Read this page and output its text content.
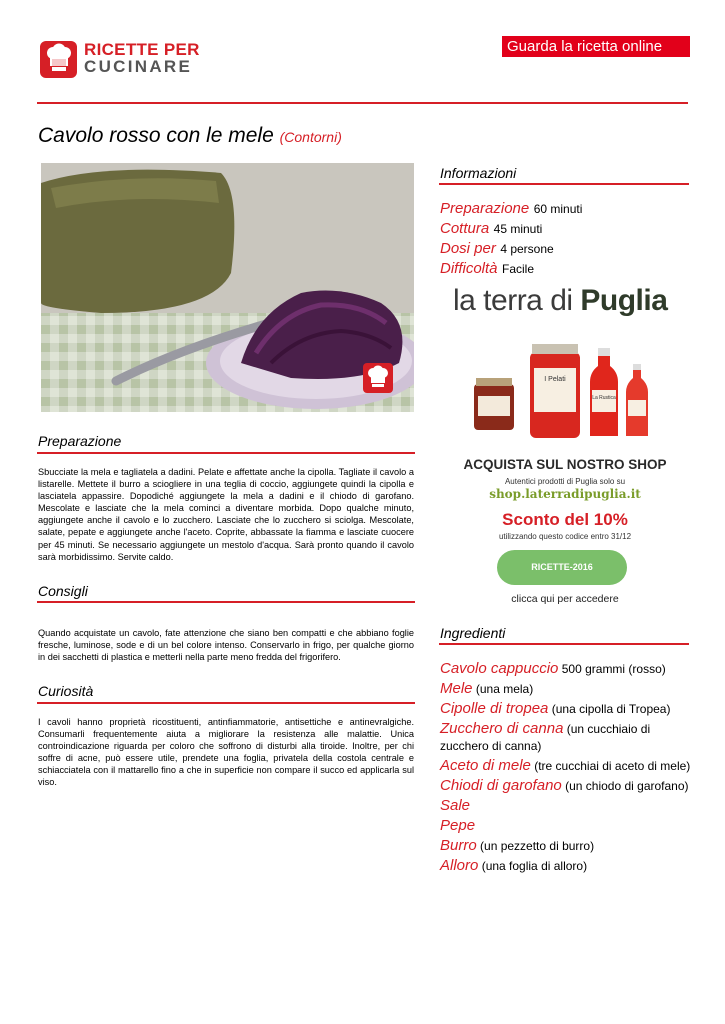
RICETTE PER
CUCINARE
Guarda la ricetta online
Cavolo rosso con le mele (Contorni)
Preparazione
Sbucciate la mela e tagliatela a dadini. Pelate e affettate anche la cipolla. Tagliate il cavolo a listarelle. Mettete il burro a sciogliere in una teglia di coccio, aggiungete quindi la cipolla e lasciatela appassire. Dopodiché aggiungete la mela a dadini e il chiodo di garofano. Mescolate e lasciate che la mela cominci a diventare morbida. Dopo qualche minuto, aggiungete anche il cavolo e lo zucchero. Lasciate che lo zucchero si sciolga. Mescolate, salate, pepate e aggiungete anche l'aceto. Coprite, abbassate la fiamma e lasciate cuocere per 45 minuti. Se necessario aggiungete un mestolo d'acqua. Sarà pronto quando il cavolo sarà morbidissimo. Servite caldo.
Consigli
Quando acquistate un cavolo, fate attenzione che siano ben compatti e che abbiano foglie fresche, luminose, sode e di un bel colore intenso. Conservarlo in frigo, per qualche giorno in dei sacchetti di plastica e metterli nella parte meno fredda del frigorifero.
Curiosità
I cavoli hanno proprietà ricostituenti, antinfiammatorie, antisettiche e antinevralgiche. Consumarli frequentemente aiuta a migliorare la resistenza alle malattie. Unica controindicazione riguarda per coloro che soffrono di disturbi alla tiroide. Inoltre, per chi soffre di acne, può essere utile, prendete una foglia, privatela della costola centrale e schiacciatela con il mattarello fino a che in superficie non compare il succo ed applicarla sul viso.
Informazioni
Preparazione 60 minuti
Cottura 45 minuti
Dosi per 4 persone
Difficoltà Facile
la terra di Puglia
I Pelati
La Rustica
ACQUISTA SUL NOSTRO SHOP
Autentici prodotti di Puglia solo su
shop.laterradipuglia.it
Sconto del 10%
utilizzando questo codice entro 31/12
RICETTE-2016
clicca qui per accedere
Ingredienti
Cavolo cappuccio 500 grammi (rosso)
Mele (una mela)
Cipolle di tropea (una cipolla di Tropea)
Zucchero di canna (un cucchiaio di zucchero di canna)
Aceto di mele (tre cucchiai di aceto di mele)
Chiodi di garofano (un chiodo di garofano)
Sale
Pepe
Burro (un pezzetto di burro)
Alloro (una foglia di alloro)
